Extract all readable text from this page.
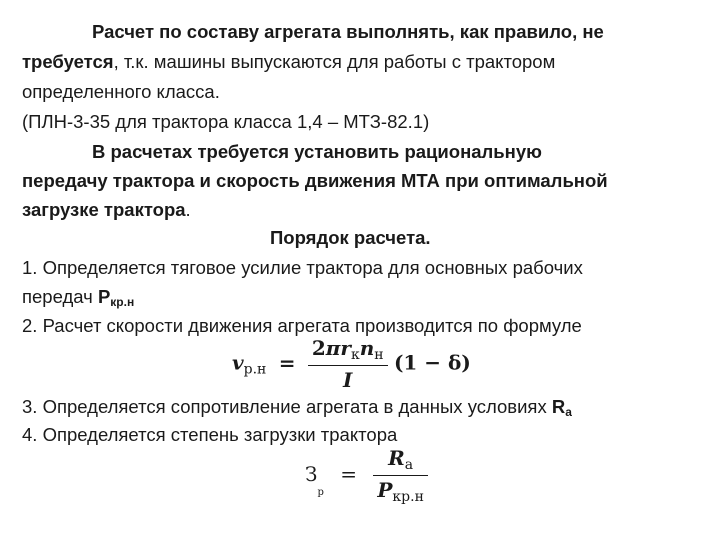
Расчет по составу агрегата выполнять, как правило, не
требуется, т.к. машины выпускаются для работы с трактором
определенного класса.
(ПЛН-3-35 для трактора класса 1,4 – МТЗ-82.1)
В расчетах требуется установить рациональную
передачу трактора и скорость движения МТА при оптимальной
загрузке трактора.
Порядок расчета.
1. Определяется тяговое усилие трактора для основных рабочих
передач Pкр.н
2. Расчет скорости движения агрегата производится по формуле
$v_{р.н} = \frac{2\pi r_кn_н}{I} (1 - \delta)$
3. Определяется сопротивление агрегата в данных условиях Rа
4. Определяется степень загрузки трактора
$З_р = \frac{R_а}{P_{кр.н}}$
